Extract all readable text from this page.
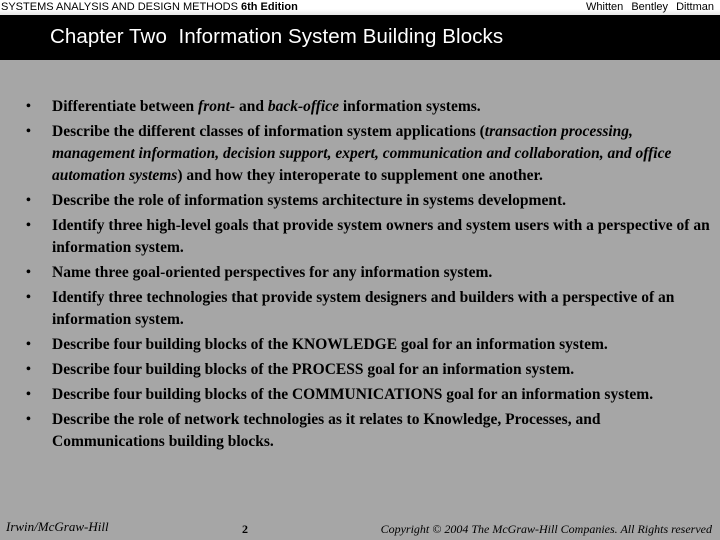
SYSTEMS ANALYSIS AND DESIGN METHODS 6th Edition	Whitten Bentley Dittman
Chapter Two  Information System Building Blocks
• Differentiate between front- and back-office information systems.
• Describe the different classes of information system applications (transaction processing, management information, decision support, expert, communication and collaboration, and office automation systems) and how they interoperate to supplement one another.
• Describe the role of information systems architecture in systems development.
• Identify three high-level goals that provide system owners and system users with a perspective of an information system.
• Name three goal-oriented perspectives for any information system.
• Identify three technologies that provide system designers and builders with a perspective of an information system.
• Describe four building blocks of the KNOWLEDGE goal for an information system.
• Describe four building blocks of the PROCESS goal for an information system.
• Describe four building blocks of the COMMUNICATIONS goal for an information system.
• Describe the role of network technologies as it relates to Knowledge, Processes, and Communications building blocks.
Irwin/McGraw-Hill	2	Copyright © 2004 The McGraw-Hill Companies. All Rights reserved
